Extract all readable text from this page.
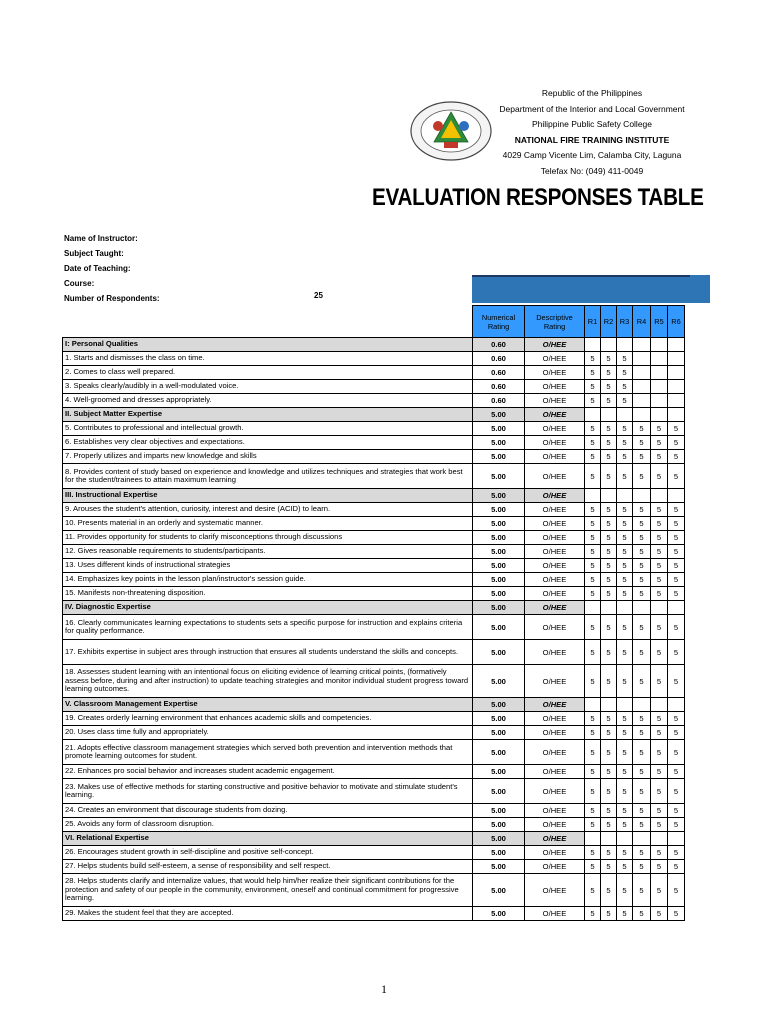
Republic of the Philippines
Department of the Interior and Local Government
Philippine Public Safety College
NATIONAL FIRE TRAINING INSTITUTE
4029 Camp Vicente Lim, Calamba City, Laguna
Telefax No: (049) 411-0049
EVALUATION RESPONSES TABLE
Name of Instructor:
Subject Taught:
Date of Teaching:
Course:
Number of Respondents:	25
	Numerical Rating	Descriptive Rating	R1	R2	R3	R4	R5	R6
I: Personal Qualities	0.60	O/HEE						
1. Starts and dismisses the class on time.	0.60	O/HEE	5	5	5			
2. Comes to class well prepared.	0.60	O/HEE	5	5	5			
3. Speaks clearly/audibly in a well-modulated voice.	0.60	O/HEE	5	5	5			
4. Well-groomed and dresses appropriately.	0.60	O/HEE	5	5	5			
II. Subject Matter Expertise	5.00	O/HEE						
5. Contributes to professional and intellectual growth.	5.00	O/HEE	5	5	5	5	5	5
6. Establishes very clear objectives and expectations.	5.00	O/HEE	5	5	5	5	5	5
7. Properly utilizes and imparts new knowledge and skills	5.00	O/HEE	5	5	5	5	5	5
8. Provides content of study based on experience and knowledge and utilizes techniques and strategies that work best for the student/trainees to attain maximum learning	5.00	O/HEE	5	5	5	5	5	5
III. Instructional Expertise	5.00	O/HEE						
9. Arouses the student's attention, curiosity, interest and desire (ACID) to learn.	5.00	O/HEE	5	5	5	5	5	5
10. Presents material in an orderly and systematic manner.	5.00	O/HEE	5	5	5	5	5	5
11. Provides opportunity for students to clarify misconceptions through discussions	5.00	O/HEE	5	5	5	5	5	5
12. Gives reasonable requirements to students/participants.	5.00	O/HEE	5	5	5	5	5	5
13. Uses different kinds of instructional strategies	5.00	O/HEE	5	5	5	5	5	5
14. Emphasizes key points in the lesson plan/instructor's session guide.	5.00	O/HEE	5	5	5	5	5	5
15. Manifests non-threatening disposition.	5.00	O/HEE	5	5	5	5	5	5
IV. Diagnostic Expertise	5.00	O/HEE						
16. Clearly communicates learning expectations to students sets a specific purpose for instruction and explains criteria for quality performance.	5.00	O/HEE	5	5	5	5	5	5
17. Exhibits expertise in subject ares through instruction that ensures all students understand the skills and concepts.	5.00	O/HEE	5	5	5	5	5	5
18. Assesses student learning with an intentional focus on eliciting evidence of learning critical points, (formatively assess before, during and after instruction) to update teaching strategies and monitor individual student progress toward learning outcomes.	5.00	O/HEE	5	5	5	5	5	5
V. Classroom Management Expertise	5.00	O/HEE						
19. Creates orderly learning environment that enhances academic skills and competencies.	5.00	O/HEE	5	5	5	5	5	5
20. Uses class time fully and appropriately.	5.00	O/HEE	5	5	5	5	5	5
21. Adopts effective classroom management strategies which served both prevention and intervention methods that promote learning outcomes for student.	5.00	O/HEE	5	5	5	5	5	5
22. Enhances pro social behavior and increases student academic engagement.	5.00	O/HEE	5	5	5	5	5	5
23. Makes use of effective methods for starting constructive and positive behavior to motivate and stimulate student's learning.	5.00	O/HEE	5	5	5	5	5	5
24. Creates an environment that discourage students from dozing.	5.00	O/HEE	5	5	5	5	5	5
25. Avoids any form of classroom disruption.	5.00	O/HEE	5	5	5	5	5	5
VI. Relational Expertise	5.00	O/HEE						
26. Encourages student growth in self-discipline and positive self-concept.	5.00	O/HEE	5	5	5	5	5	5
27. Helps students build self-esteem, a sense of responsibility and self respect.	5.00	O/HEE	5	5	5	5	5	5
28. Helps students clarify and internalize values, that would help him/her realize their significant contributions for the protection and safety of our people in the community, environment, oneself and continual commitment for progressive learning.	5.00	O/HEE	5	5	5	5	5	5
29. Makes the student feel that they are accepted.	5.00	O/HEE	5	5	5	5	5	5
1
